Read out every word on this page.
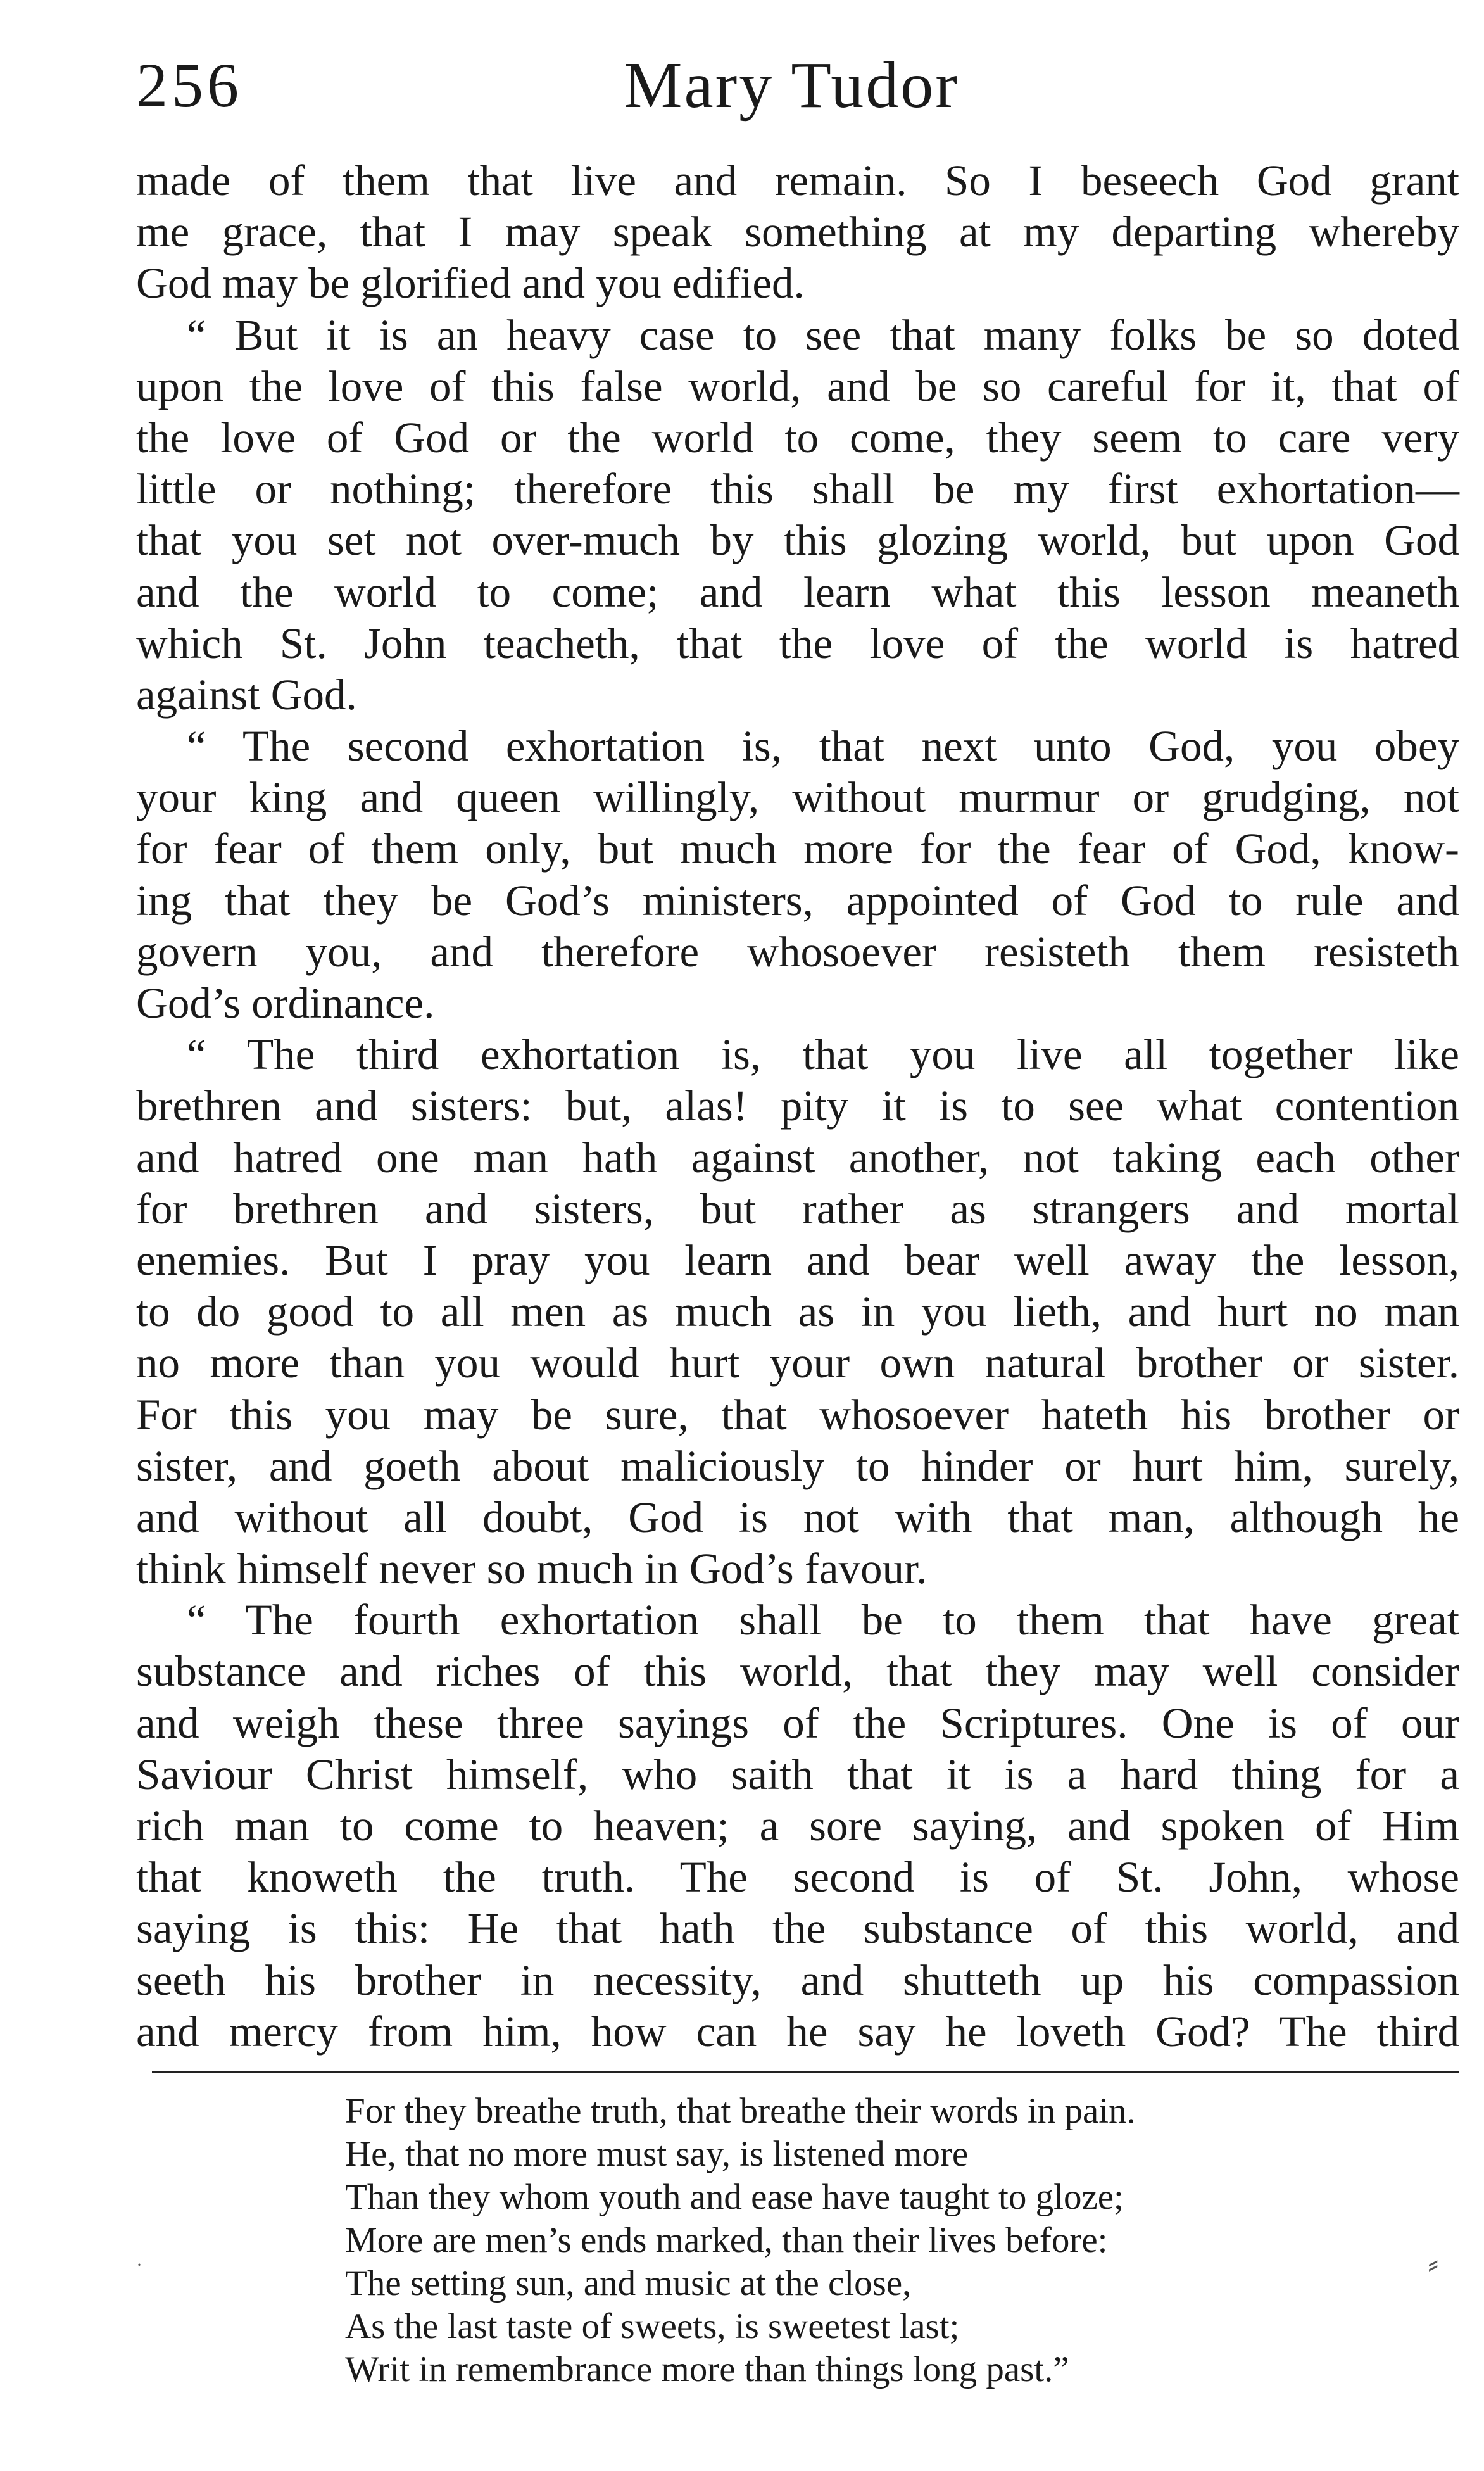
256	Mary Tudor
made of them that live and remain. So I beseech God grant
me grace, that I may speak something at my departing whereby
God may be glorified and you edified.
“ But it is an heavy case to see that many folks be so doted
upon the love of this false world, and be so careful for it, that of
the love of God or the world to come, they seem to care very
little or nothing; therefore this shall be my first exhortation—
that you set not over-much by this glozing world, but upon God
and the world to come; and learn what this lesson meaneth
which St. John teacheth, that the love of the world is hatred
against God.
“ The second exhortation is, that next unto God, you obey
your king and queen willingly, without murmur or grudging, not
for fear of them only, but much more for the fear of God, know-
ing that they be God’s ministers, appointed of God to rule and
govern you, and therefore whosoever resisteth them resisteth
God’s ordinance.
“ The third exhortation is, that you live all together like
brethren and sisters: but, alas! pity it is to see what contention
and hatred one man hath against another, not taking each other
for brethren and sisters, but rather as strangers and mortal
enemies. But I pray you learn and bear well away the lesson,
to do good to all men as much as in you lieth, and hurt no man
no more than you would hurt your own natural brother or sister.
For this you may be sure, that whosoever hateth his brother or
sister, and goeth about maliciously to hinder or hurt him, surely,
and without all doubt, God is not with that man, although he
think himself never so much in God’s favour.
“ The fourth exhortation shall be to them that have great
substance and riches of this world, that they may well consider
and weigh these three sayings of the Scriptures. One is of our
Saviour Christ himself, who saith that it is a hard thing for a
rich man to come to heaven; a sore saying, and spoken of Him
that knoweth the truth. The second is of St. John, whose
saying is this: He that hath the substance of this world, and
seeth his brother in necessity, and shutteth up his compassion
and mercy from him, how can he say he loveth God? The third
For they breathe truth, that breathe their words in pain.
He, that no more must say, is listened more
Than they whom youth and ease have taught to gloze;
More are men’s ends marked, than their lives before:
The setting sun, and music at the close,
As the last taste of sweets, is sweetest last;
Writ in remembrance more than things long past.”
·	⸗
